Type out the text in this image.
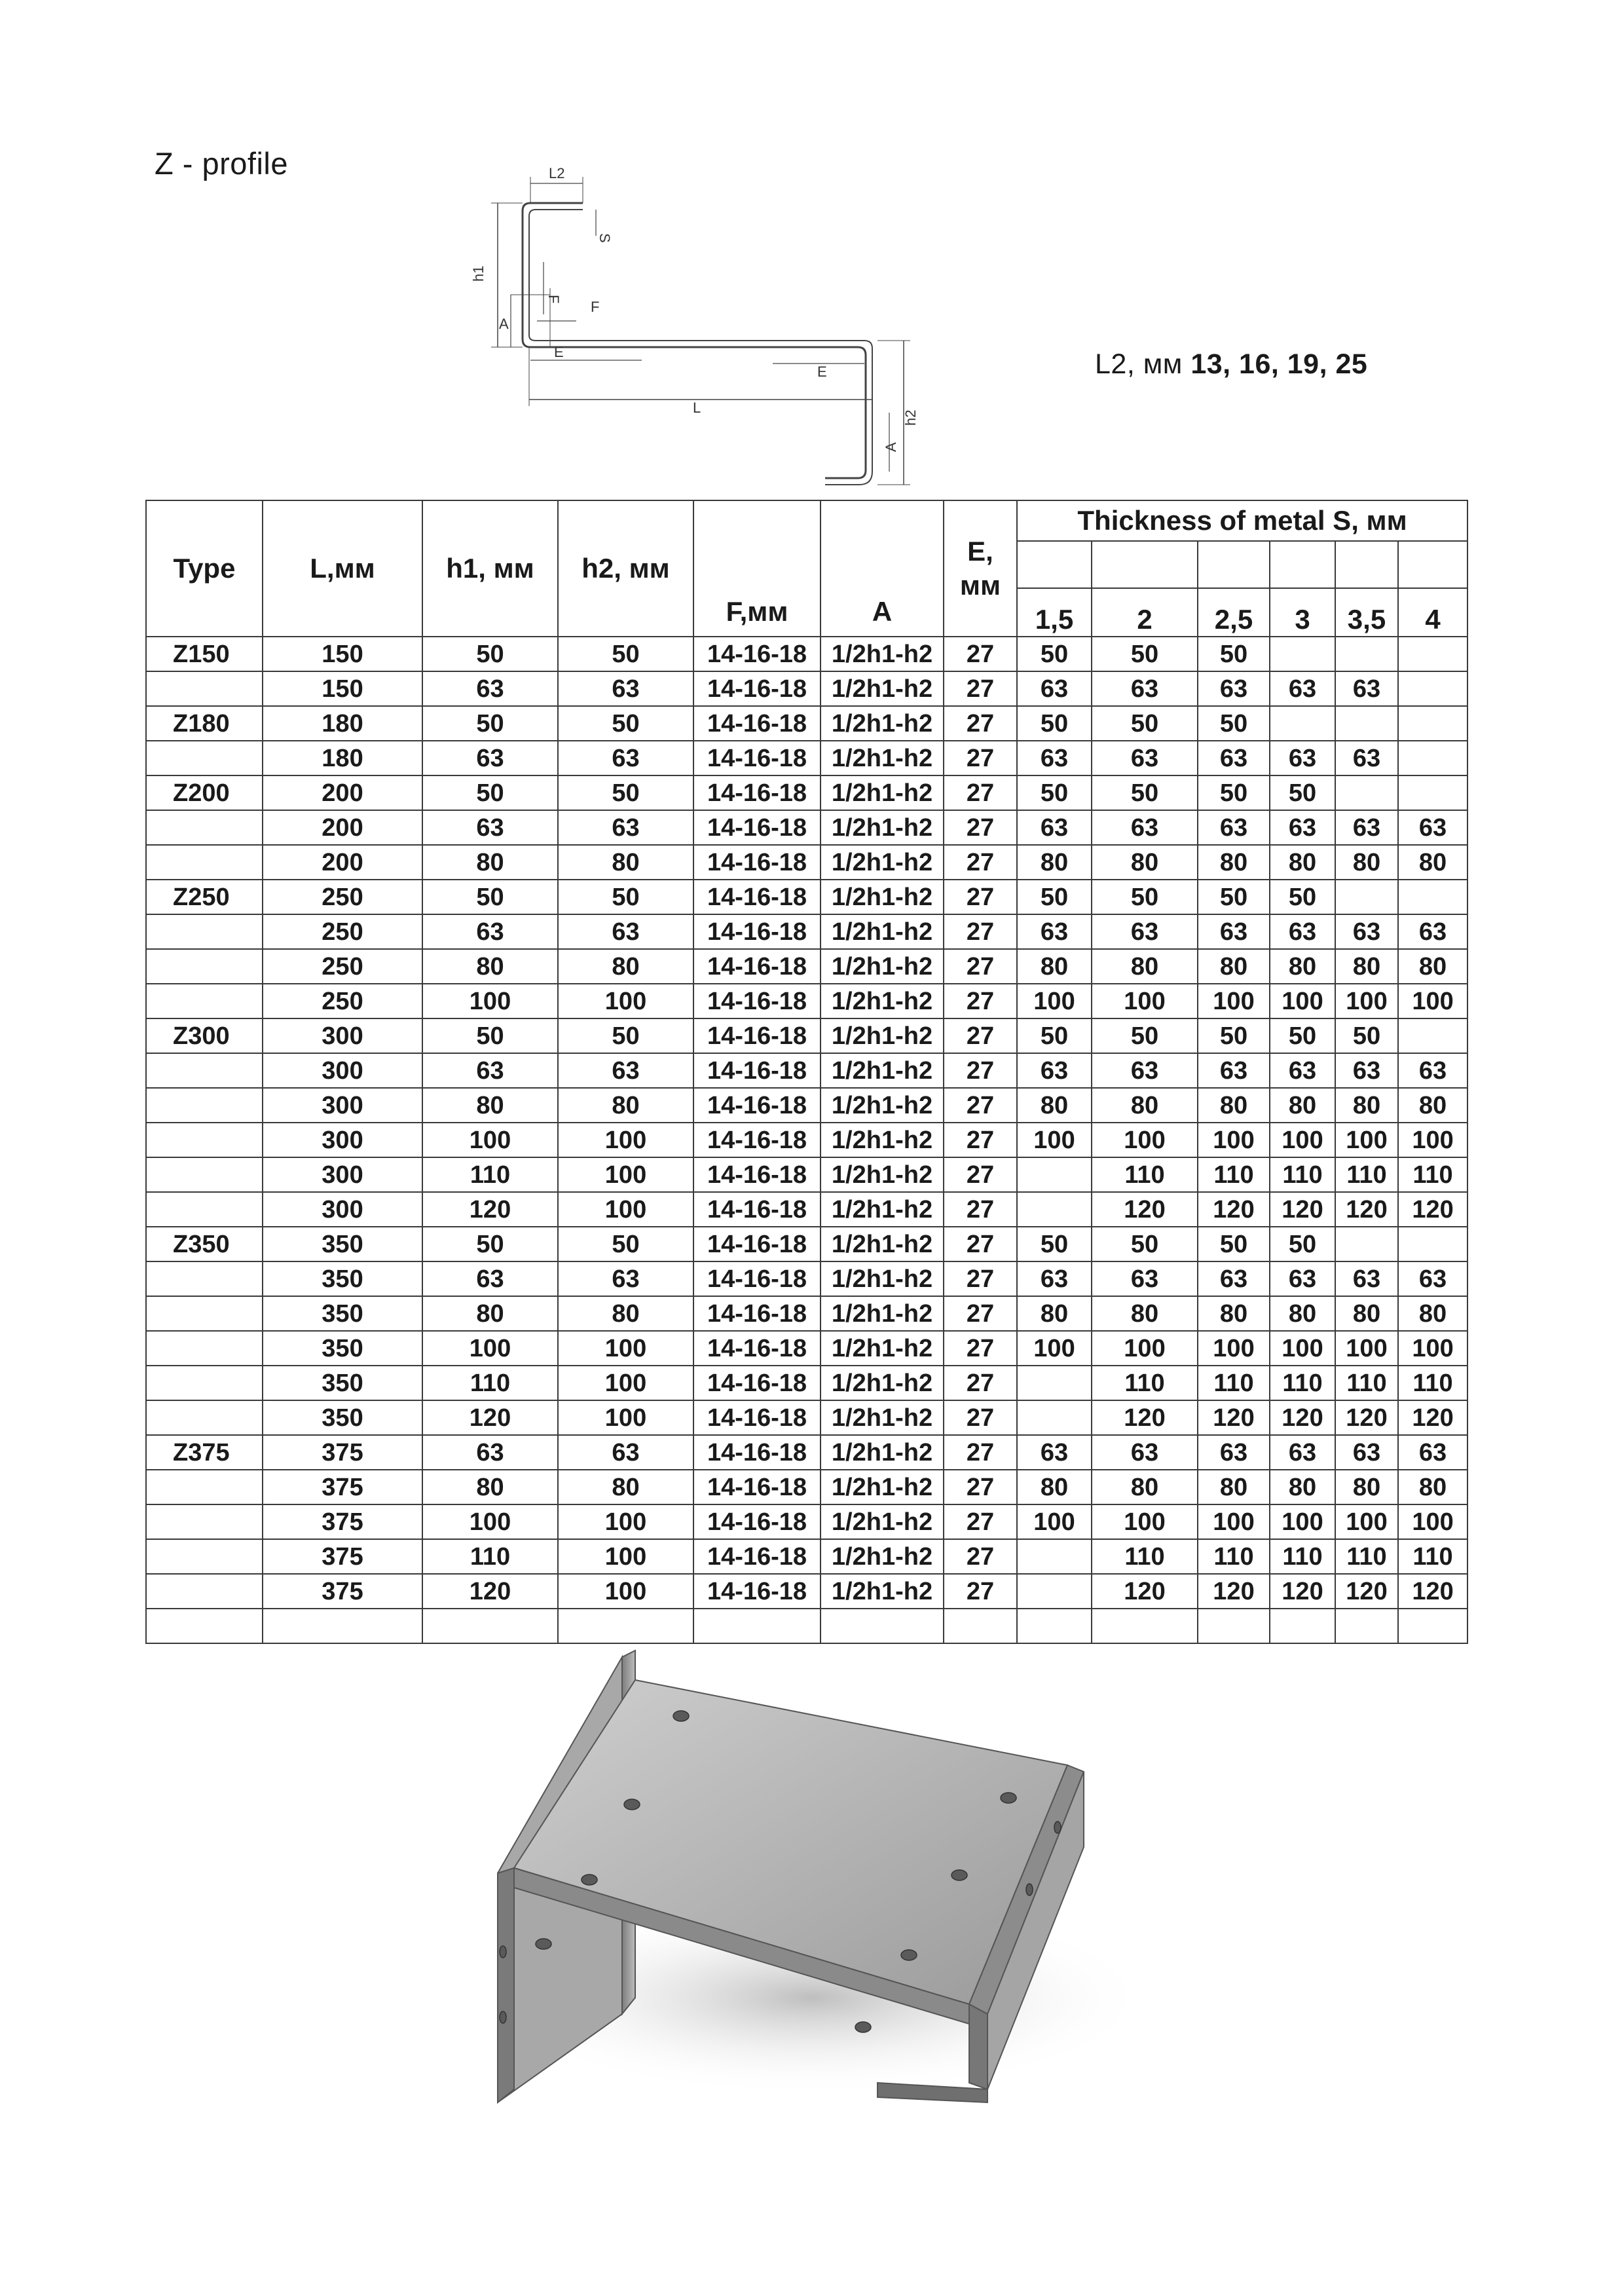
Z - profile	L2
S
h1
A
F F
E
E
L
h2
A
L2, мм 13, 16, 19, 25
Type	L,мм	h1, мм	h2, мм	F,мм	A	E,
мм	Thickness of metal S, мм					

							1,5	2	2,5	3	3,5	4
Z150	150	50	50	14-16-18	1/2h1-h2	27	50	50	50			
	150	63	63	14-16-18	1/2h1-h2	27	63	63	63	63	63	
Z180	180	50	50	14-16-18	1/2h1-h2	27	50	50	50			
	180	63	63	14-16-18	1/2h1-h2	27	63	63	63	63	63	
Z200	200	50	50	14-16-18	1/2h1-h2	27	50	50	50	50		
	200	63	63	14-16-18	1/2h1-h2	27	63	63	63	63	63	63
	200	80	80	14-16-18	1/2h1-h2	27	80	80	80	80	80	80
Z250	250	50	50	14-16-18	1/2h1-h2	27	50	50	50	50		
	250	63	63	14-16-18	1/2h1-h2	27	63	63	63	63	63	63
	250	80	80	14-16-18	1/2h1-h2	27	80	80	80	80	80	80
	250	100	100	14-16-18	1/2h1-h2	27	100	100	100	100	100	100
Z300	300	50	50	14-16-18	1/2h1-h2	27	50	50	50	50	50	
	300	63	63	14-16-18	1/2h1-h2	27	63	63	63	63	63	63
	300	80	80	14-16-18	1/2h1-h2	27	80	80	80	80	80	80
	300	100	100	14-16-18	1/2h1-h2	27	100	100	100	100	100	100
	300	110	100	14-16-18	1/2h1-h2	27		110	110	110	110	110
	300	120	100	14-16-18	1/2h1-h2	27		120	120	120	120	120
Z350	350	50	50	14-16-18	1/2h1-h2	27	50	50	50	50		
	350	63	63	14-16-18	1/2h1-h2	27	63	63	63	63	63	63
	350	80	80	14-16-18	1/2h1-h2	27	80	80	80	80	80	80
	350	100	100	14-16-18	1/2h1-h2	27	100	100	100	100	100	100
	350	110	100	14-16-18	1/2h1-h2	27		110	110	110	110	110
	350	120	100	14-16-18	1/2h1-h2	27		120	120	120	120	120
Z375	375	63	63	14-16-18	1/2h1-h2	27	63	63	63	63	63	63
	375	80	80	14-16-18	1/2h1-h2	27	80	80	80	80	80	80
	375	100	100	14-16-18	1/2h1-h2	27	100	100	100	100	100	100
	375	110	100	14-16-18	1/2h1-h2	27		110	110	110	110	110
	375	120	100	14-16-18	1/2h1-h2	27		120	120	120	120	120
